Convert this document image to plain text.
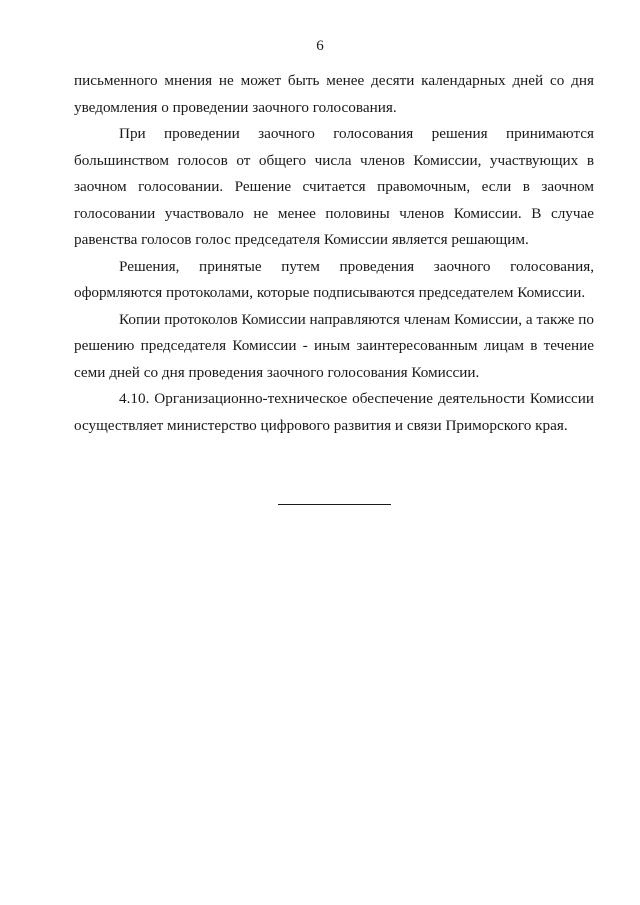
6

письменного мнения не может быть менее десяти календарных дней со дня уведомления о проведении заочного голосования.

При проведении заочного голосования решения принимаются большинством голосов от общего числа членов Комиссии, участвующих в заочном голосовании. Решение считается правомочным, если в заочном голосовании участвовало не менее половины членов Комиссии. В случае равенства голосов голос председателя Комиссии является решающим.

Решения, принятые путем проведения заочного голосования, оформляются протоколами, которые подписываются председателем Комиссии.

Копии протоколов Комиссии направляются членам Комиссии, а также по решению председателя Комиссии - иным заинтересованным лицам в течение семи дней со дня проведения заочного голосования Комиссии.

4.10. Организационно-техническое обеспечение деятельности Комиссии осуществляет министерство цифрового развития и связи Приморского края.
